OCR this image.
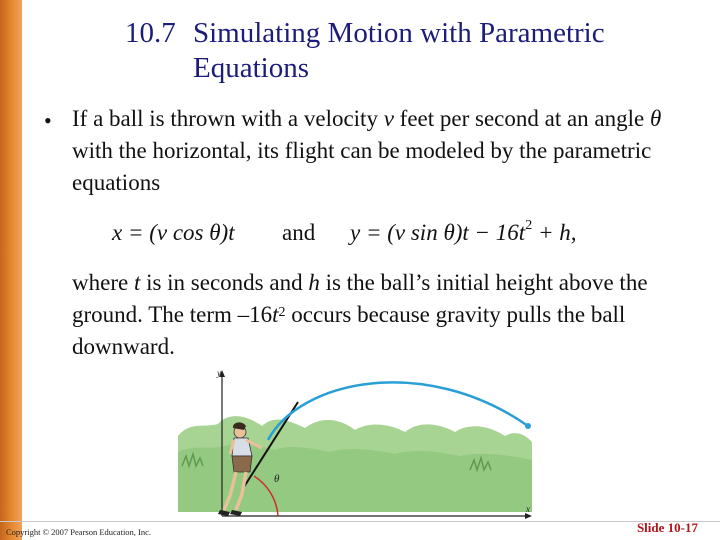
10.7 Simulating Motion with Parametric Equations
• If a ball is thrown with a velocity v feet per second at an angle θ with the horizontal, its flight can be modeled by the parametric equations
x = (v cos θ)t and y = (v $\sin \theta)t - 16t^2 + h$,
where t is in seconds and h is the ball’s initial height above the ground. The term $-16t^2$ occurs because gravity pulls the ball downward.
y
x
θ
Copyright © 2007 Pearson Education, Inc.	Slide 10-17
